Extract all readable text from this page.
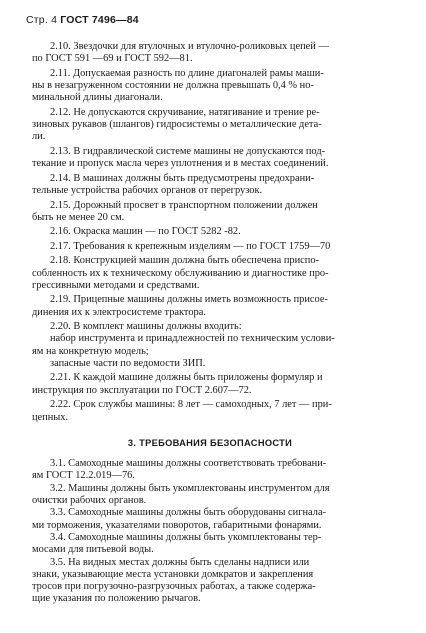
Стр. 4 ГОСТ 7496—84

2.10. Звездочки для втулочных и втулочно-роликовых цепей —
по ГОСТ 591 —69 и ГОСТ 592—81.

2.11. Допускаемая разность по длине диагоналей рамы маши-
ны в незагруженном состоянии не должна превышать 0,4 % но-
минальной длины диагонали.

2.12. Не допускаются скручивание, натягивание и трение ре-
зиновых рукавов (шлангов) гидросистемы о металлические дета-
ли.

2.13. В гидравлической системе машины не допускаются под-
текание и пропуск масла через уплотнения и в местах соединений.

2.14. В машинах должны быть предусмотрены предохрани-
тельные устройства рабочих органов от перегрузок.

2.15. Дорожный просвет в транспортном положении должен
быть не менее 20 см.

2.16. Окраска машин — по ГОСТ 5282 -82.

2.17. Требования к крепежным изделиям — по ГОСТ 1759—70

2.18. Конструкцией машин должна быть обеспечена приспо-
собленность их к техническому обслуживанию и диагностике про-
грессивными методами и средствами.

2.19. Прицепные машины должны иметь возможность присое-
динения их к электросистеме трактора.

2.20. В комплект машины должны входить:

набор инструмента и принадлежностей по техническим услови-
ям на конкретную модель;

запасные части по ведомости ЗИП.

2.21. К каждой машине должны быть приложены формуляр и
инструкция по эксплуатации по ГОСТ 2.607—72.

2.22. Срок службы машины: 8 лет — самоходных, 7 лет — при-
цепных.

3. ТРЕБОВАНИЯ БЕЗОПАСНОСТИ

3.1. Самоходные машины должны соответствовать требовани-
ям ГОСТ 12.2.019—76.

3.2. Машины должны быть укомплектованы инструментом для
очистки рабочих органов.

3.3. Самоходные машины должны быть оборудованы сигнала-
ми торможения, указателями поворотов, габаритными фонарями.

3.4. Самоходные машины должны быть укомплектованы тер-
мосами для питьевой воды.

3.5. На видных местах должны быть сделаны надписи или
знаки, указывающие места установки домкратов и закрепления
тросов при погрузочно-разгрузочных работах, а также содержа-
щие указания по положению рычагов.
